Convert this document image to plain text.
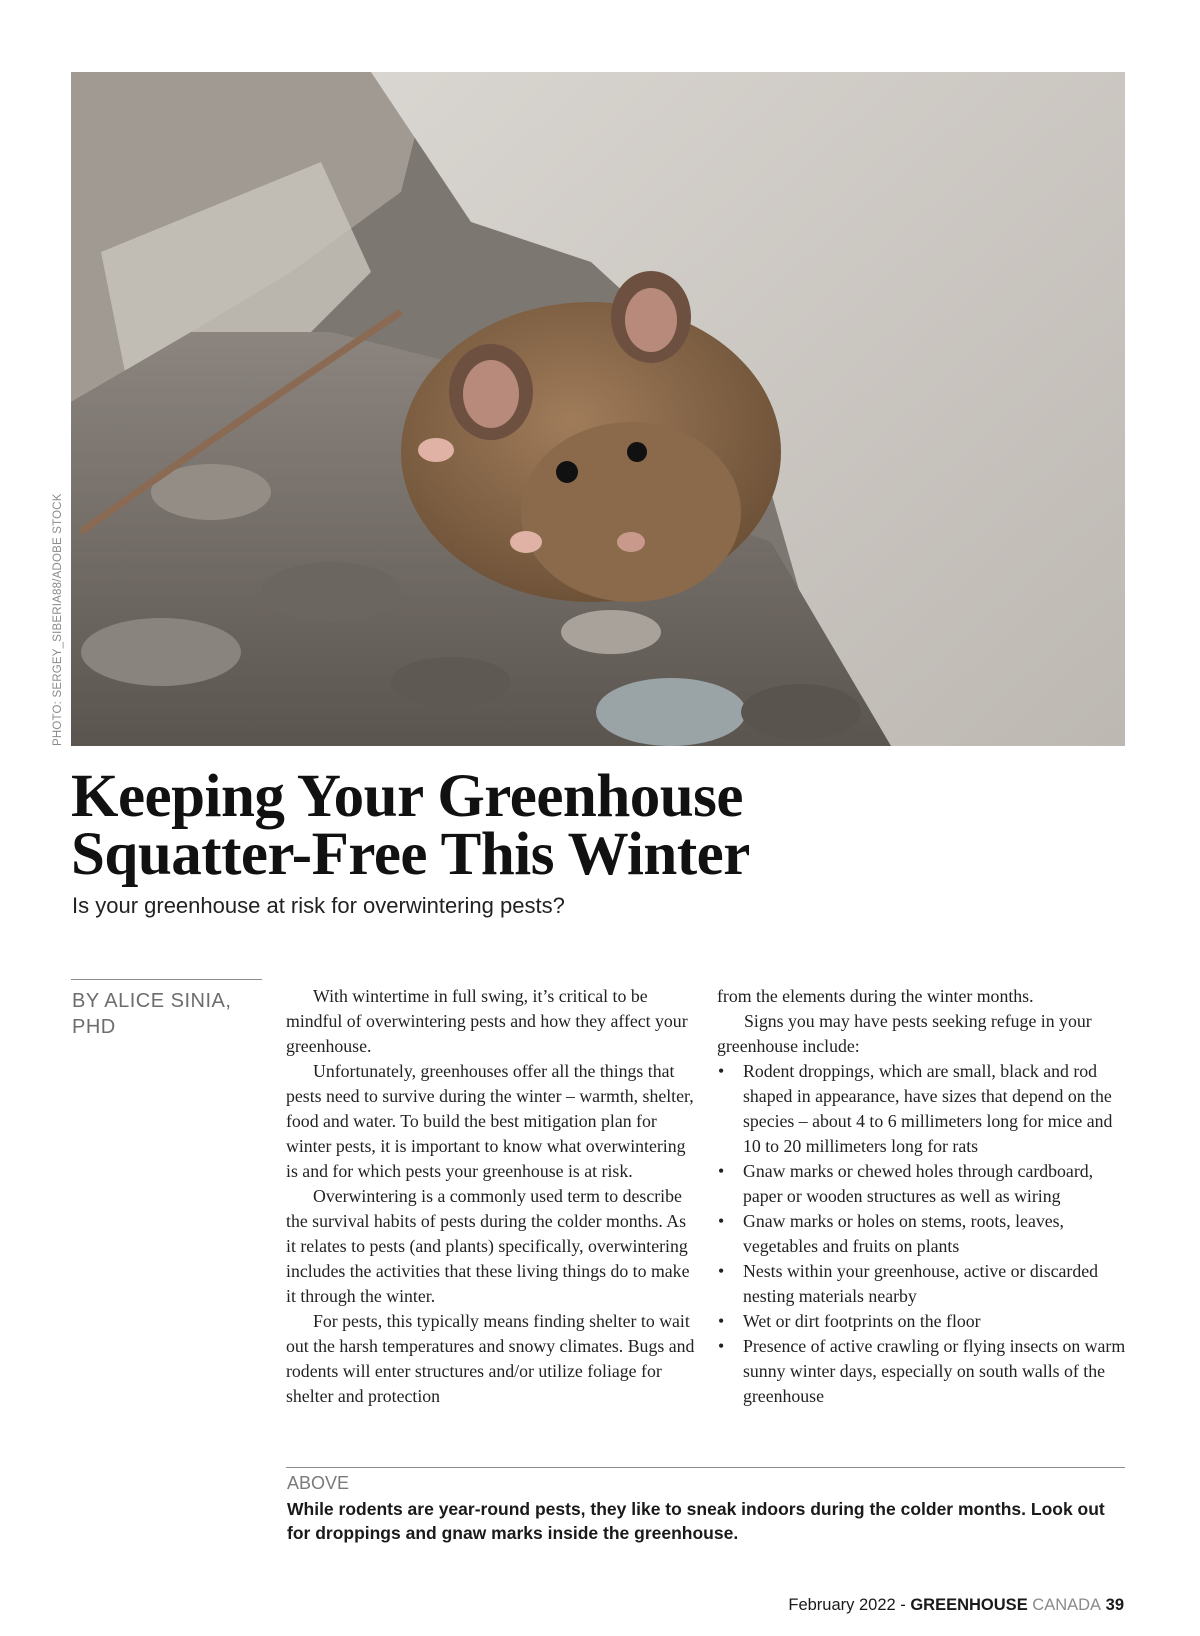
PHOTO: SERGEY_SIBERIA88/ADOBE STOCK
Keeping Your Greenhouse
Squatter-Free This Winter

Is your greenhouse at risk for overwintering pests?

BY ALICE SINIA,
PHD

With wintertime in full swing, it’s critical to be mindful of overwintering pests and how they affect your greenhouse.

Unfortunately, greenhouses offer all the things that pests need to survive during the winter – warmth, shelter, food and water. To build the best mitigation plan for winter pests, it is important to know what overwintering is and for which pests your greenhouse is at risk.

Overwintering is a commonly used term to describe the survival habits of pests during the colder months. As it relates to pests (and plants) specifically, overwintering includes the activities that these living things do to make it through the winter.

For pests, this typically means finding shelter to wait out the harsh temperatures and snowy climates. Bugs and rodents will enter structures and/or utilize foliage for shelter and protection

from the elements during the winter months.

Signs you may have pests seeking refuge in your greenhouse include:

• Rodent droppings, which are small, black and rod shaped in appearance, have sizes that depend on the species – about 4 to 6 millimeters long for mice and 10 to 20 millimeters long for rats
• Gnaw marks or chewed holes through cardboard, paper or wooden structures as well as wiring
• Gnaw marks or holes on stems, roots, leaves, vegetables and fruits on plants
• Nests within your greenhouse, active or discarded nesting materials nearby
• Wet or dirt footprints on the floor
• Presence of active crawling or flying insects on warm sunny winter days, especially on south walls of the greenhouse
ABOVE

While rodents are year-round pests, they like to sneak indoors during the colder months. Look out for droppings and gnaw marks inside the greenhouse.

February 2022 - GREENHOUSE CANADA 39
